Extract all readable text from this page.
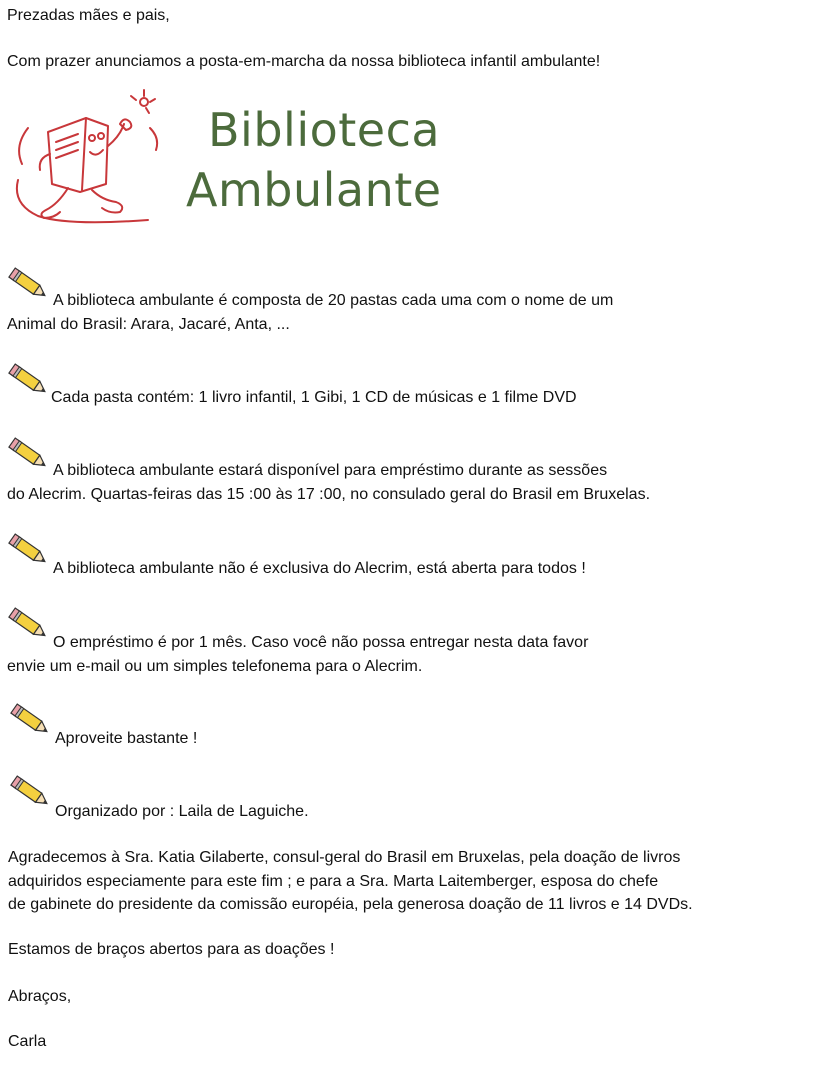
Prezadas mães e pais,
Com prazer anunciamos a posta-em-marcha da nossa biblioteca infantil ambulante!
Biblioteca
Ambulante
A biblioteca ambulante é composta de 20 pastas cada uma com o nome de um
Animal do Brasil: Arara, Jacaré, Anta, ...
Cada pasta contém: 1 livro infantil, 1 Gibi, 1 CD de músicas e 1 filme DVD
A biblioteca ambulante estará disponível para empréstimo durante as sessões
do Alecrim. Quartas-feiras das 15 :00 às 17 :00, no consulado geral do Brasil em Bruxelas.
A biblioteca ambulante não é exclusiva do Alecrim, está aberta para todos !
O empréstimo é por 1 mês. Caso você não possa entregar nesta data favor
envie um e-mail ou um simples telefonema para o Alecrim.
Aproveite bastante !
Organizado por : Laila de Laguiche.
Agradecemos à Sra. Katia Gilaberte, consul-geral do Brasil em Bruxelas, pela doação de livros
adquiridos especiamente para este fim ; e para a Sra. Marta Laitemberger, esposa do chefe
de gabinete do presidente da comissão européia, pela generosa doação de 11 livros e 14 DVDs.
Estamos de braços abertos para as doações !
Abraços,
Carla
